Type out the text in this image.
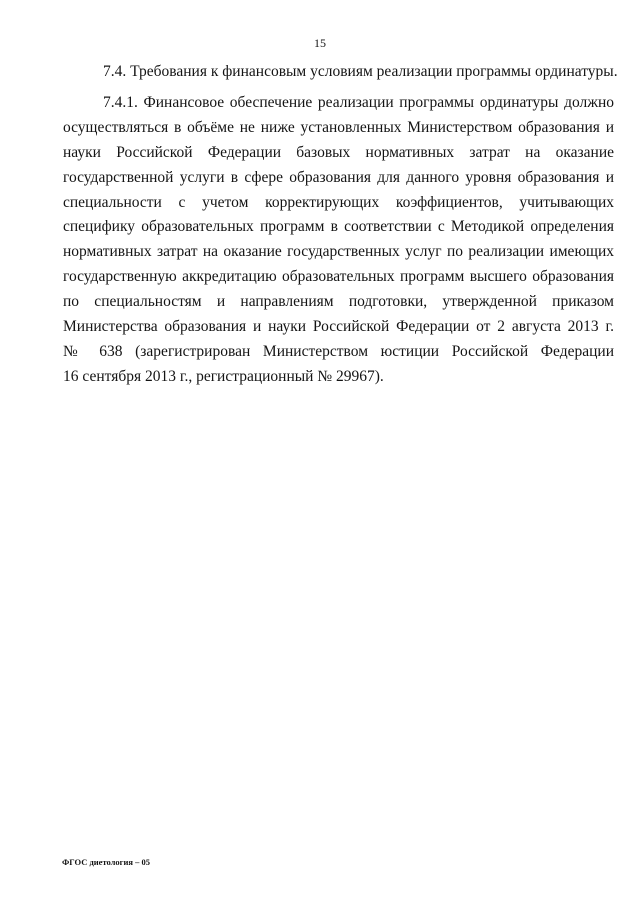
15
7.4. Требования к финансовым условиям реализации программы ординатуры.
7.4.1. Финансовое обеспечение реализации программы ординатуры должно
осуществляться в объёме не ниже установленных Министерством образования и
науки Российской Федерации базовых нормативных затрат на оказание
государственной услуги в сфере образования для данного уровня образования и
специальности с учетом корректирующих коэффициентов, учитывающих
специфику образовательных программ в соответствии с Методикой определения
нормативных затрат на оказание государственных услуг по реализации имеющих
государственную аккредитацию образовательных программ высшего образования
по специальностям и направлениям подготовки, утвержденной приказом
Министерства образования и науки Российской Федерации от 2 августа 2013 г.
№ 638 (зарегистрирован Министерством юстиции Российской Федерации
16 сентября 2013 г., регистрационный № 29967).
ФГОС диетология – 05
